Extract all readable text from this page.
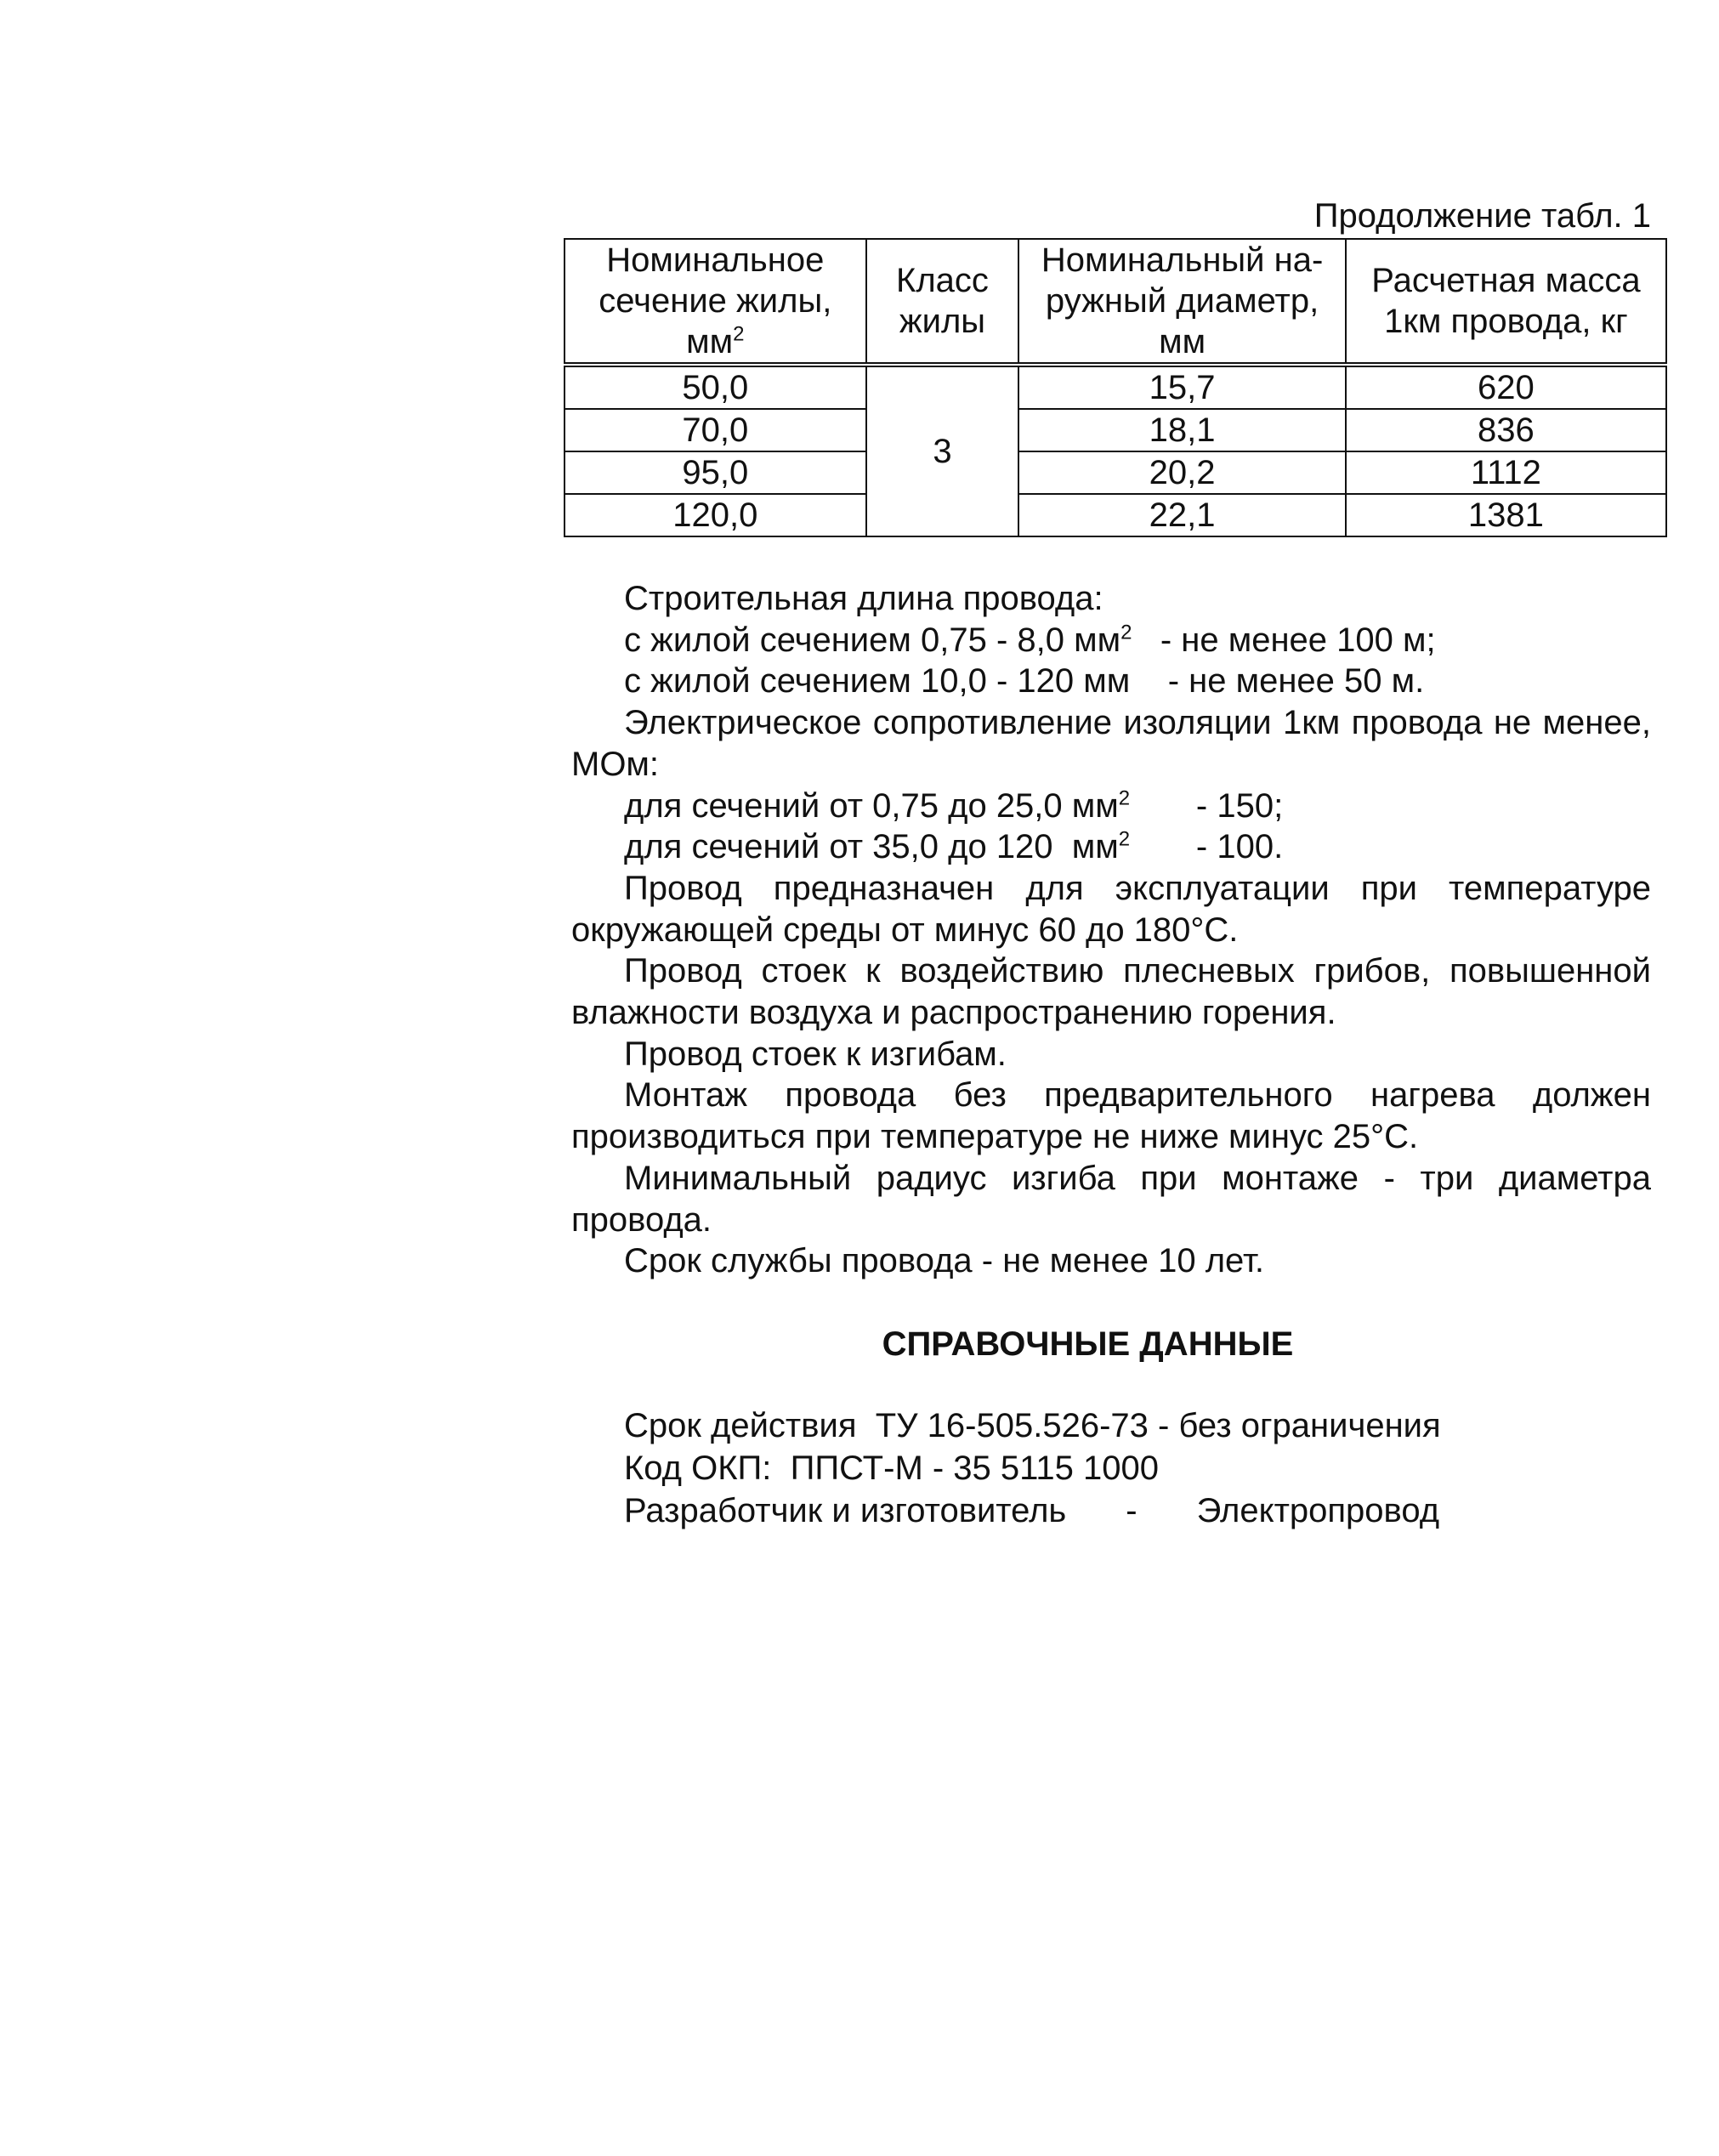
Продолжение табл. 1
Номинальное сечение жилы, $мм^2$	Класс жилы	Номинальный на-ружный диаметр, мм	Расчетная масса 1км провода, кг
50,0	3	15,7	620
70,0		18,1	836
95,0		20,2	1112
120,0		22,1	1381

Строительная длина провода:

с жилой сечением 0,75 - 8,0 $мм^2$   - не менее 100 м;

с жилой сечением 10,0 - 120 мм    - не менее 50 м.

Электрическое сопротивление изоляции 1км провода не менее, МОм:

для сечений от 0,75 до 25,0 $мм^2$       - 150;

для сечений от 35,0 до 120  $мм^2$       - 100.

Провод предназначен для эксплуатации при температуре окружающей среды от минус 60 до 180°С.

Провод стоек к воздействию плесневых грибов, повышенной влажности воздуха и распространению горения.

Провод стоек к изгибам.

Монтаж провода без предварительного нагрева должен производиться при температуре не ниже минус 25°С.

Минимальный радиус изгиба при монтаже - три диаметра провода.

Срок службы провода - не менее 10 лет.

СПРАВОЧНЫЕ ДАННЫЕ
Срок действия  ТУ 16-505.526-73 - без ограничения
Код ОКП:  ППСТ-М - 35 5115 1000
Разработчик и изготовитель - Электропровод
